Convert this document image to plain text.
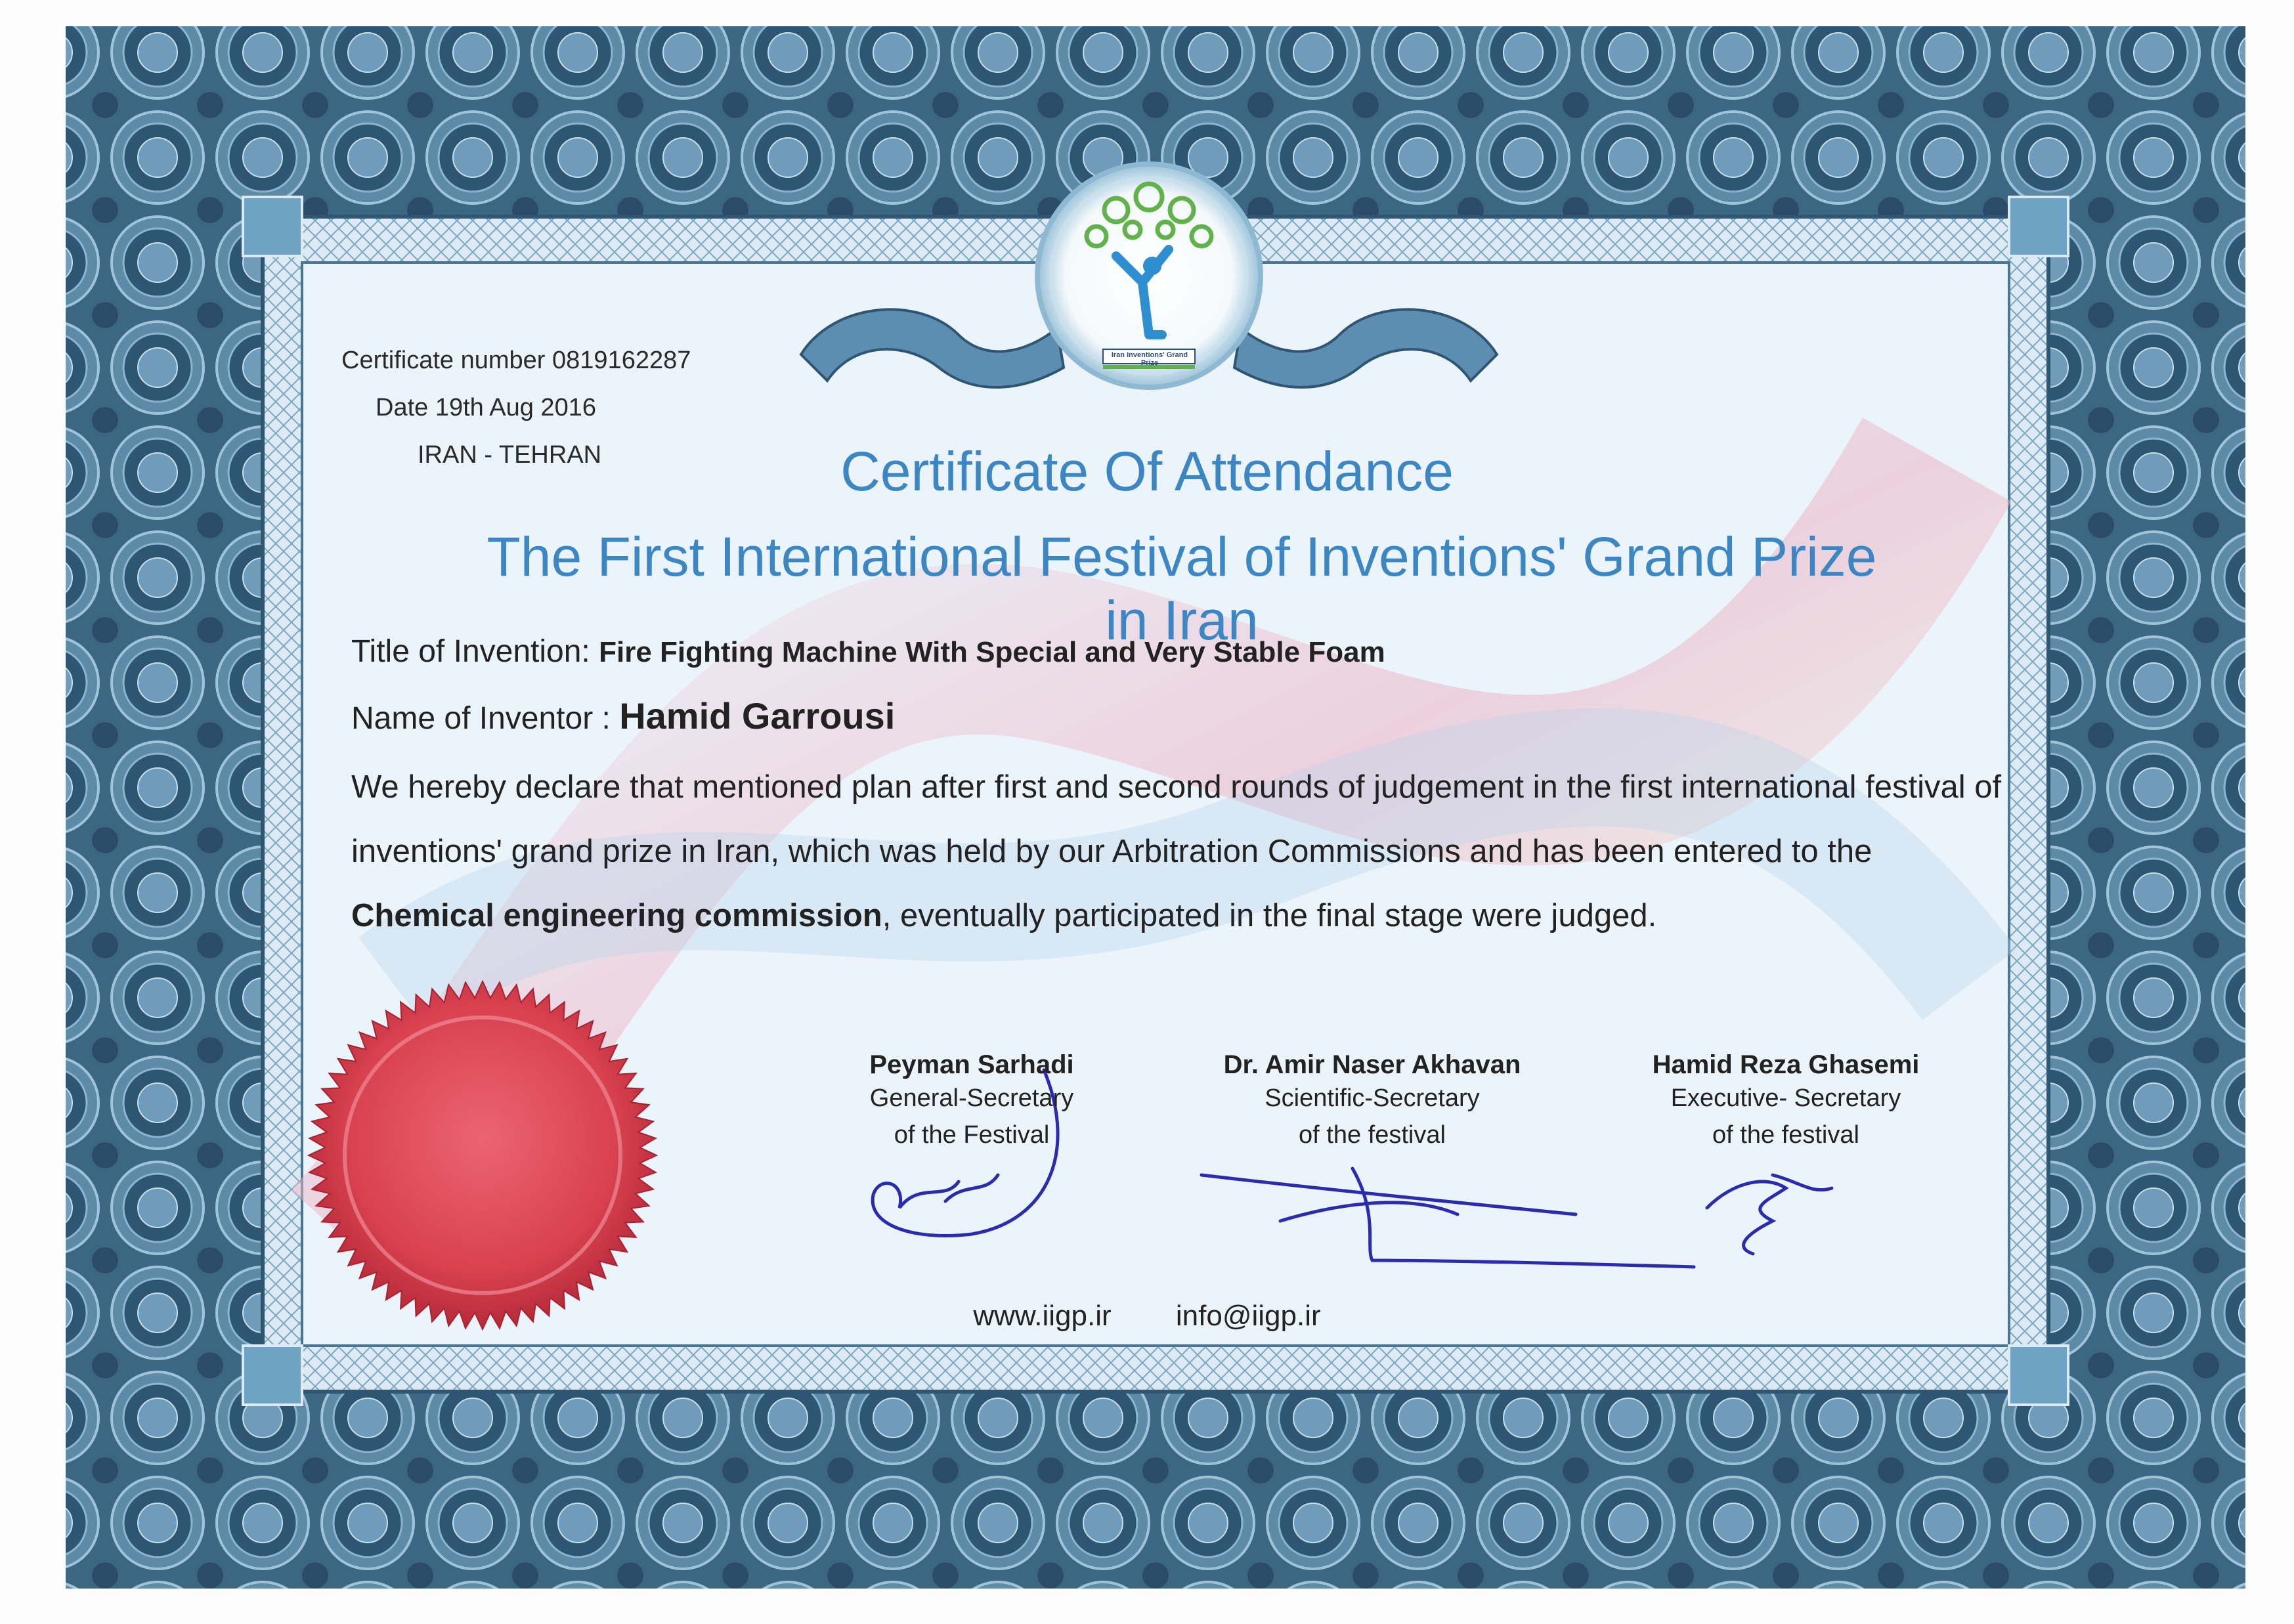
Certificate number 0819162287
Date 19th Aug 2016
IRAN - TEHRAN
Iran Inventions' Grand Prize
Certificate Of Attendance
The First International Festival of Inventions' Grand Prize in Iran
Title of Invention: Fire Fighting Machine With Special and Very Stable Foam
Name of Inventor : Hamid Garrousi
We hereby declare that mentioned plan after first and second rounds of judgement in the first international festival of inventions' grand prize in Iran, which was held by our Arbitration Commissions and has been entered to the Chemical engineering commission, eventually participated in the final stage were judged.
Peyman Sarhadi
General-Secretary
of the Festival
Dr. Amir Naser Akhavan
Scientific-Secretary
of the festival
Hamid Reza Ghasemi
Executive- Secretary
of the festival
www.iigp.ir info@iigp.ir
